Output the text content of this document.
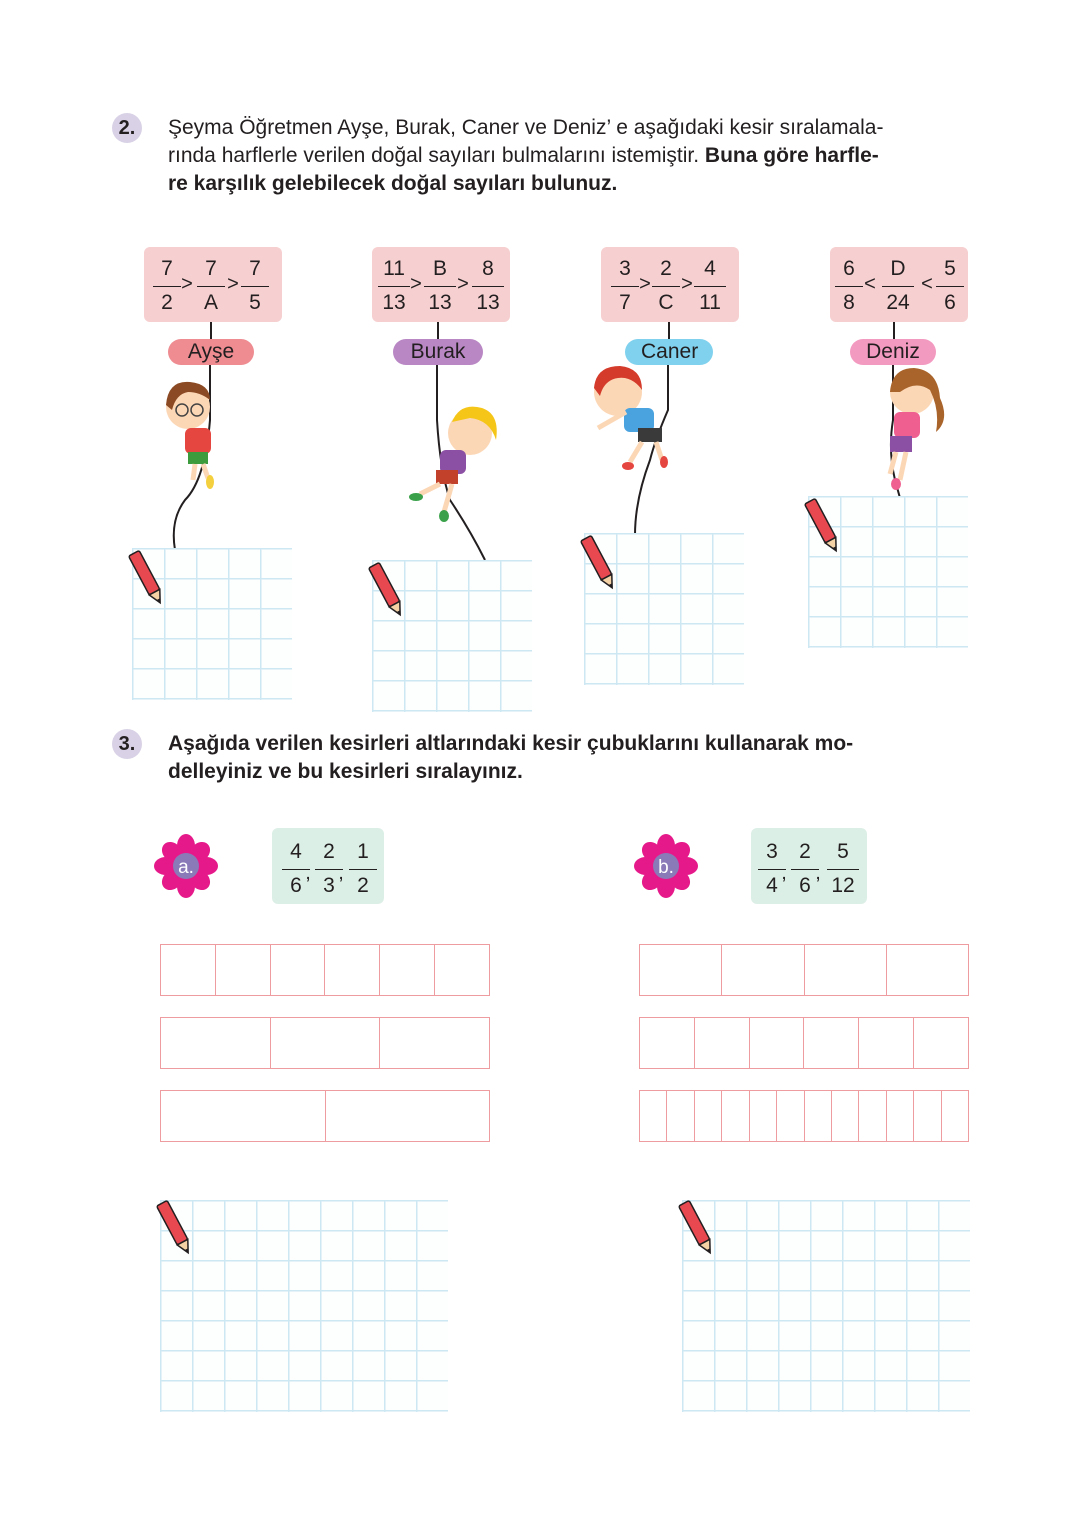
2.	Şeyma Öğretmen Ayşe, Burak, Caner ve Deniz’ e aşağıdaki kesir sıralamala-
rında harflerle verilen doğal sayıları bulmalarını istemiştir. Buna göre harfle-
re karşılık gelebilecek doğal sayıları bulunuz.
$\frac{7}{2} > \frac{7}{A} > \frac{7}{5}$
Ayşe
$\frac{11}{13} > \frac{B}{13} > \frac{8}{13}$
Burak
$\frac{3}{7} > \frac{2}{C} > \frac{4}{11}$
Caner
$\frac{6}{8} < \frac{D}{24} < \frac{5}{6}$
Deniz
3.	Aşağıda verilen kesirleri altlarındaki kesir çubuklarını kullanarak mo-
delleyiniz ve bu kesirleri sıralayınız.
a.	$\frac{4}{6}$
, $\frac{2}{3}$
, $\frac{1}{2}$	b.	$\frac{3}{4}$
, $\frac{2}{6}$
, $\frac{5}{12}$
